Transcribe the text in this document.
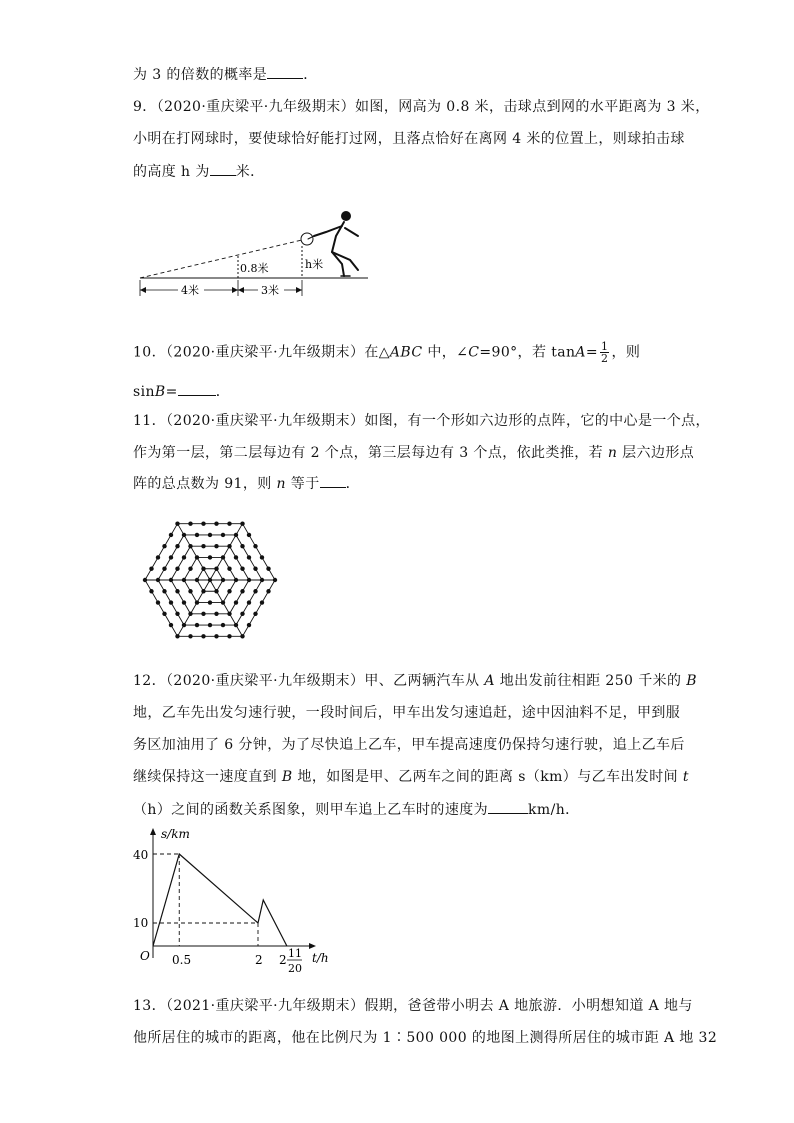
为 3 的倍数的概率是	．
9．（2020·重庆梁平·九年级期末）如图，网高为 0.8 米，击球点到网的水平距离为 3 米，
小明在打网球时，要使球恰好能打过网，且落点恰好在离网 4 米的位置上，则球拍击球
的高度 h 为 米．
0.8米	h米
4米	3米
10．（2020·重庆梁平·九年级期末）在△ABC 中，∠C=90°，若 $\tan A= \frac{1}{2}$ ，则
sinB=	．
11．（2020·重庆梁平·九年级期末）如图，有一个形如六边形的点阵，它的中心是一个点，
作为第一层，第二层每边有 2 个点，第三层每边有 3 个点，依此类推，若 n 层六边形点
阵的总点数为 91，则 n 等于 ．
12．（2020·重庆梁平·九年级期末）甲、乙两辆汽车从 A 地出发前往相距 250 千米的 B
地，乙车先出发匀速行驶，一段时间后，甲车出发匀速追赶，途中因油料不足，甲到服
务区加油用了 6 分钟，为了尽快追上乙车，甲车提高速度仍保持匀速行驶，追上乙车后
继续保持这一速度直到 B 地，如图是甲、乙两车之间的距离 s（km）与乙车出发时间 t
（h）之间的函数关系图象，则甲车追上乙车时的速度为	km/h．
s/km
t/h
O
40
10
0.5	2 2 11
20
13．（2021·重庆梁平·九年级期末）假期，爸爸带小明去 A 地旅游．小明想知道 A 地与
他所居住的城市的距离，他在比例尺为 1∶500 000 的地图上测得所居住的城市距 A 地 32
